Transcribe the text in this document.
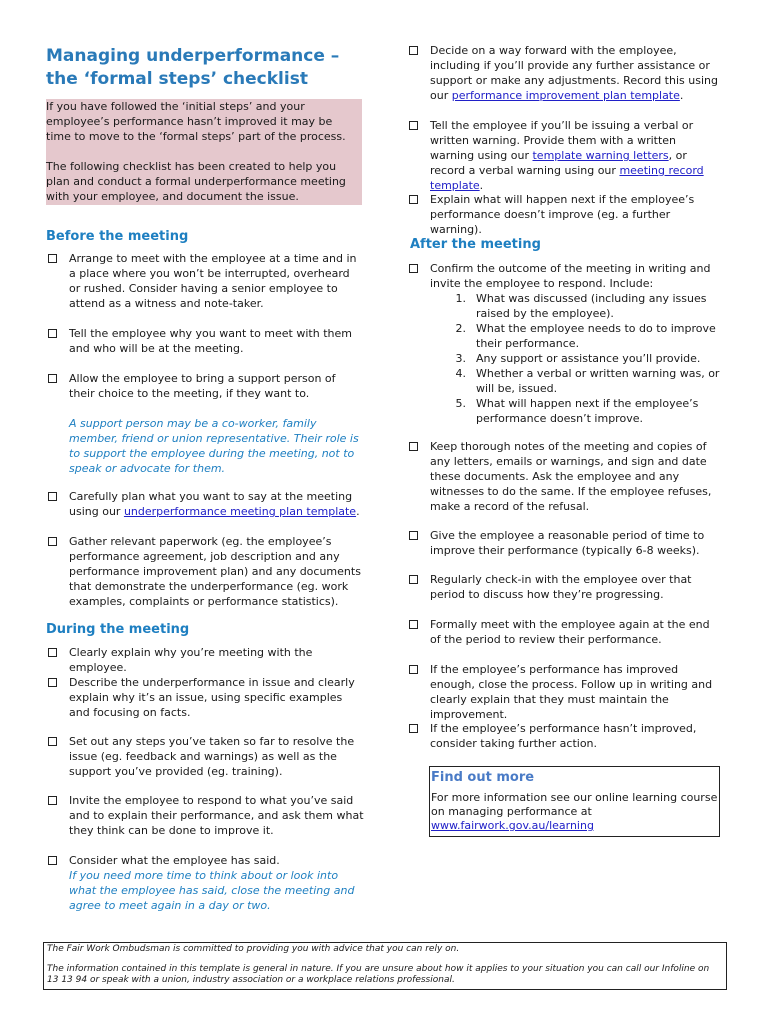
Managing underperformance – the ‘formal steps’ checklist

If you have followed the ‘initial steps’ and your employee’s performance hasn’t improved it may be time to move to the ‘formal steps’ part of the process.

The following checklist has been created to help you plan and conduct a formal underperformance meeting with your employee, and document the issue.

Before the meeting
Arrange to meet with the employee at a time and in a place where you won’t be interrupted, overheard or rushed. Consider having a senior employee to attend as a witness and note-taker.
Tell the employee why you want to meet with them and who will be at the meeting.
Allow the employee to bring a support person of their choice to the meeting, if they want to.
A support person may be a co-worker, family member, friend or union representative. Their role is to support the employee during the meeting, not to speak or advocate for them.
Carefully plan what you want to say at the meeting using our underperformance meeting plan template.
Gather relevant paperwork (eg. the employee’s performance agreement, job description and any performance improvement plan) and any documents that demonstrate the underperformance (eg. work examples, complaints or performance statistics).
During the meeting
Clearly explain why you’re meeting with the employee.
Describe the underperformance in issue and clearly explain why it’s an issue, using specific examples and focusing on facts.
Set out any steps you’ve taken so far to resolve the issue (eg. feedback and warnings) as well as the support you’ve provided (eg. training).
Invite the employee to respond to what you’ve said and to explain their performance, and ask them what they think can be done to improve it.
Consider what the employee has said.
If you need more time to think about or look into what the employee has said, close the meeting and agree to meet again in a day or two.
Decide on a way forward with the employee, including if you’ll provide any further assistance or support or make any adjustments. Record this using our performance improvement plan template.
Tell the employee if you’ll be issuing a verbal or written warning. Provide them with a written warning using our template warning letters, or record a verbal warning using our meeting record template.
Explain what will happen next if the employee’s performance doesn’t improve (eg. a further warning).
After the meeting
Confirm the outcome of the meeting in writing and invite the employee to respond. Include:
1. What was discussed (including any issues raised by the employee).
2. What the employee needs to do to improve their performance.
3. Any support or assistance you’ll provide.
4. Whether a verbal or written warning was, or will be, issued.
5. What will happen next if the employee’s performance doesn’t improve.
Keep thorough notes of the meeting and copies of any letters, emails or warnings, and sign and date these documents. Ask the employee and any witnesses to do the same. If the employee refuses, make a record of the refusal.
Give the employee a reasonable period of time to improve their performance (typically 6-8 weeks).
Regularly check-in with the employee over that period to discuss how they’re progressing.
Formally meet with the employee again at the end of the period to review their performance.
If the employee’s performance has improved enough, close the process. Follow up in writing and clearly explain that they must maintain the improvement.
If the employee’s performance hasn’t improved, consider taking further action.
Find out more

For more information see our online learning course on managing performance at
www.fairwork.gov.au/learning

The Fair Work Ombudsman is committed to providing you with advice that you can rely on.

The information contained in this template is general in nature. If you are unsure about how it applies to your situation you can call our Infoline on 13 13 94 or speak with a union, industry association or a workplace relations professional.
